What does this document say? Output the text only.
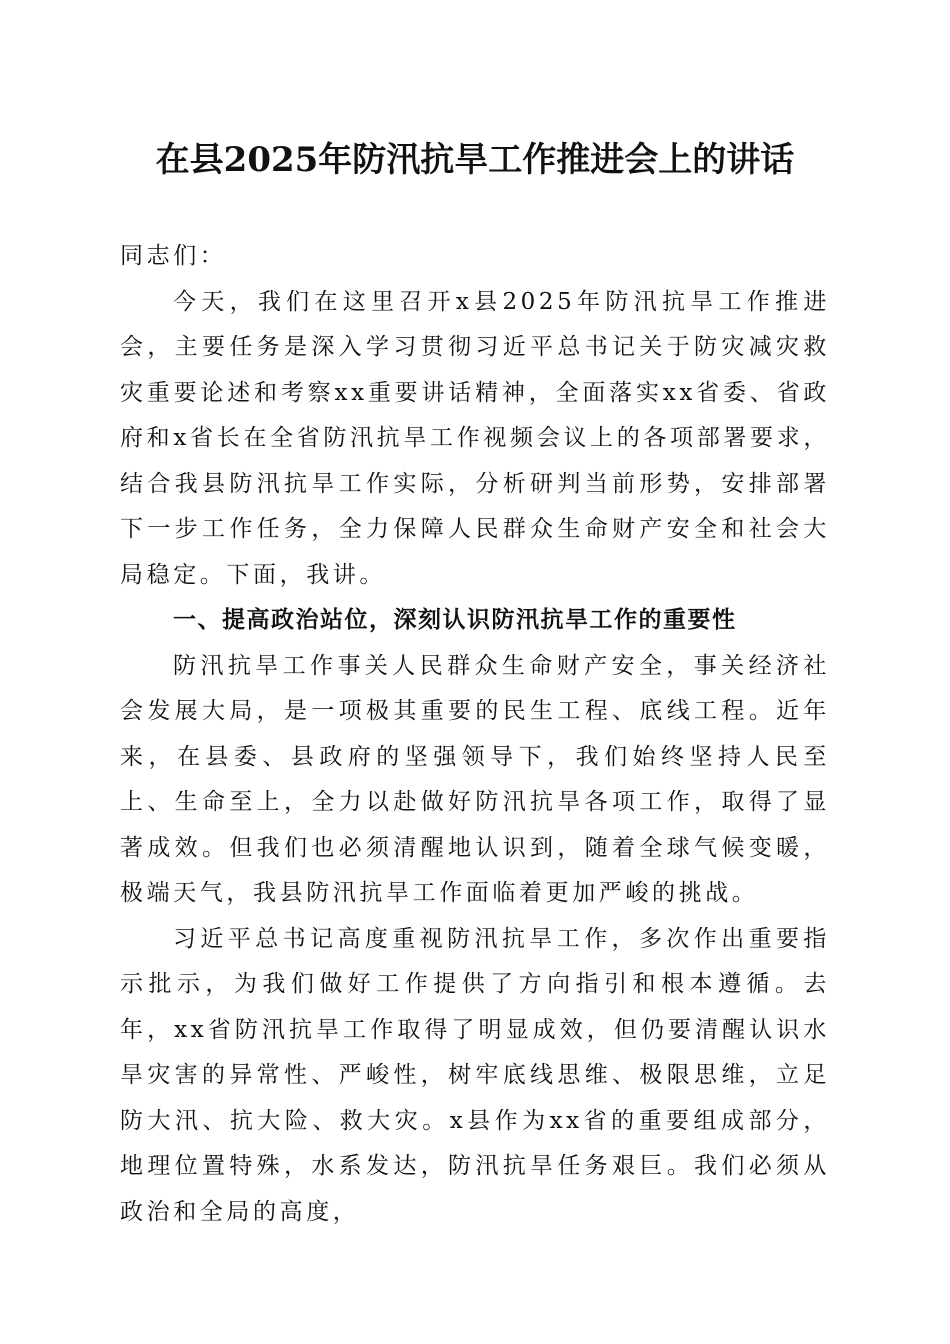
在县2025年防汛抗旱工作推进会上的讲话

同志们：

今天，我们在这里召开x县2025年防汛抗旱工作推进会，主要任务是深入学习贯彻习近平总书记关于防灾减灾救灾重要论述和考察xx重要讲话精神，全面落实xx省委、省政府和x省长在全省防汛抗旱工作视频会议上的各项部署要求，结合我县防汛抗旱工作实际，分析研判当前形势，安排部署下一步工作任务，全力保障人民群众生命财产安全和社会大局稳定。下面，我讲。

一、提高政治站位，深刻认识防汛抗旱工作的重要性

防汛抗旱工作事关人民群众生命财产安全，事关经济社会发展大局，是一项极其重要的民生工程、底线工程。近年来，在县委、县政府的坚强领导下，我们始终坚持人民至上、生命至上，全力以赴做好防汛抗旱各项工作，取得了显著成效。但我们也必须清醒地认识到，随着全球气候变暖，极端天气，我县防汛抗旱工作面临着更加严峻的挑战。

习近平总书记高度重视防汛抗旱工作，多次作出重要指示批示，为我们做好工作提供了方向指引和根本遵循。去年，xx省防汛抗旱工作取得了明显成效，但仍要清醒认识水旱灾害的异常性、严峻性，树牢底线思维、极限思维，立足防大汛、抗大险、救大灾。x县作为xx省的重要组成部分，地理位置特殊，水系发达，防汛抗旱任务艰巨。我们必须从政治和全局的高度，
